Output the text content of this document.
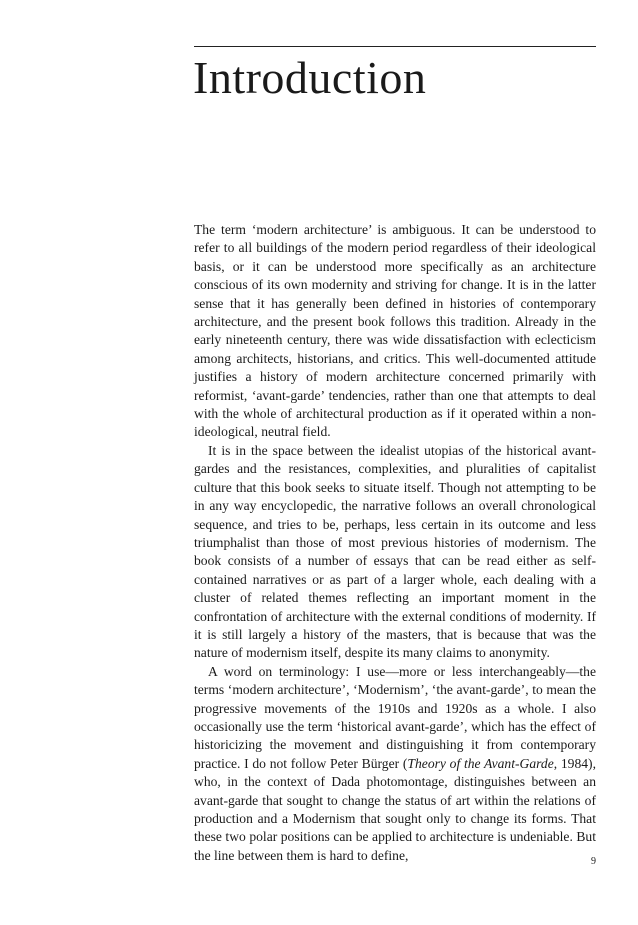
Introduction

The term ‘modern architecture’ is ambiguous. It can be understood to refer to all buildings of the modern period regardless of their ideological basis, or it can be understood more specifically as an architecture conscious of its own modernity and striving for change. It is in the latter sense that it has generally been defined in histories of contemporary architecture, and the present book follows this tradition. Already in the early nineteenth century, there was wide dissatisfaction with eclecticism among architects, historians, and critics. This well-documented attitude justifies a history of modern architecture concerned primarily with reformist, ‘avant-garde’ tendencies, rather than one that attempts to deal with the whole of architectural production as if it operated within a non-ideological, neutral field.

It is in the space between the idealist utopias of the historical avant-gardes and the resistances, complexities, and pluralities of capitalist culture that this book seeks to situate itself. Though not attempting to be in any way encyclopedic, the narrative follows an overall chronological sequence, and tries to be, perhaps, less certain in its outcome and less triumphalist than those of most previous histories of modernism. The book consists of a number of essays that can be read either as self-contained narratives or as part of a larger whole, each dealing with a cluster of related themes reflecting an important moment in the confrontation of architecture with the external conditions of modernity. If it is still largely a history of the masters, that is because that was the nature of modernism itself, despite its many claims to anonymity.

A word on terminology: I use—more or less interchangeably—the terms ‘modern architecture’, ‘Modernism’, ‘the avant-garde’, to mean the progressive movements of the 1910s and 1920s as a whole. I also occasionally use the term ‘historical avant-garde’, which has the effect of historicizing the movement and distinguishing it from contemporary practice. I do not follow Peter Bürger (Theory of the Avant-Garde, 1984), who, in the context of Dada photomontage, distinguishes between an avant-garde that sought to change the status of art within the relations of production and a Modernism that sought only to change its forms. That these two polar positions can be applied to architecture is undeniable. But the line between them is hard to define,	9
